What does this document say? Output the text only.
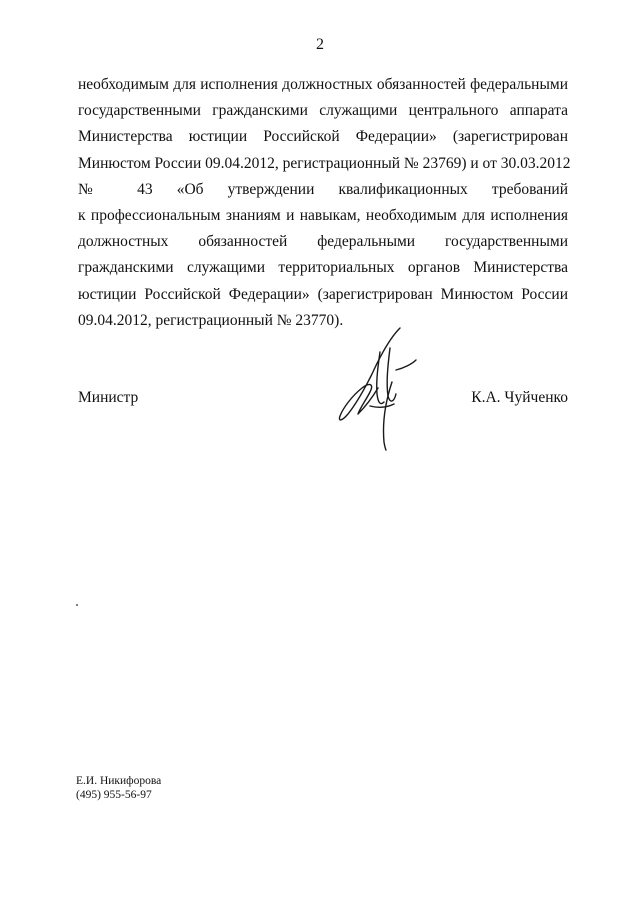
2
необходимым для исполнения должностных обязанностей федеральными
государственными гражданскими служащими центрального аппарата
Министерства юстиции Российской Федерации» (зарегистрирован
Минюстом России 09.04.2012, регистрационный № 23769) и от 30.03.2012
№ 43 «Об утверждении квалификационных требований
к профессиональным знаниям и навыкам, необходимым для исполнения
должностных обязанностей федеральными государственными
гражданскими служащими территориальных органов Министерства
юстиции Российской Федерации» (зарегистрирован Минюстом России
09.04.2012, регистрационный № 23770).
Министр	К.А. Чуйченко
Е.И. Никифорова
(495) 955-56-97
